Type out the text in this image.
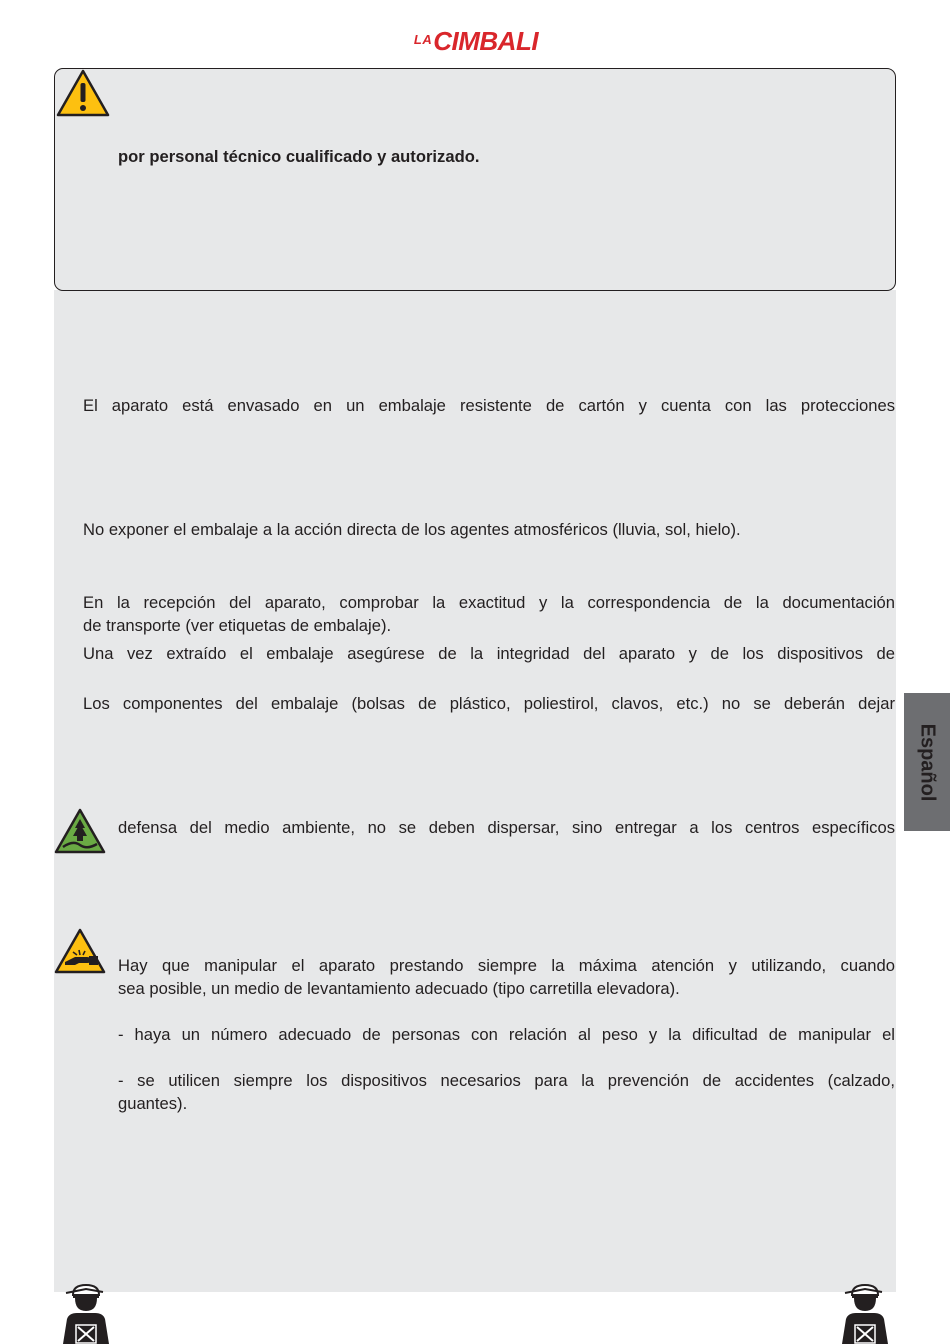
LA CIMBALI
por personal técnico cualificado y autorizado.
El aparato está envasado en un embalaje resistente de cartón y cuenta con las protecciones
No exponer el embalaje a la acción directa de los agentes atmosféricos (lluvia, sol, hielo).
En la recepción del aparato, comprobar la exactitud y la correspondencia de la documentación
de transporte (ver etiquetas de embalaje).
Una vez extraído el embalaje asegúrese de la integridad del aparato y de los dispositivos de
Los componentes del embalaje (bolsas de plástico, poliestirol, clavos, etc.) no se deberán dejar
defensa del medio ambiente, no se deben dispersar, sino entregar a los centros específicos
Hay que manipular el aparato prestando siempre la máxima atención y utilizando, cuando
sea posible, un medio de levantamiento adecuado (tipo carretilla elevadora).
- haya un número adecuado de personas con relación al peso y la dificultad de manipular el
- se utilicen siempre los dispositivos necesarios para la prevención de accidentes (calzado,
guantes).
Español
